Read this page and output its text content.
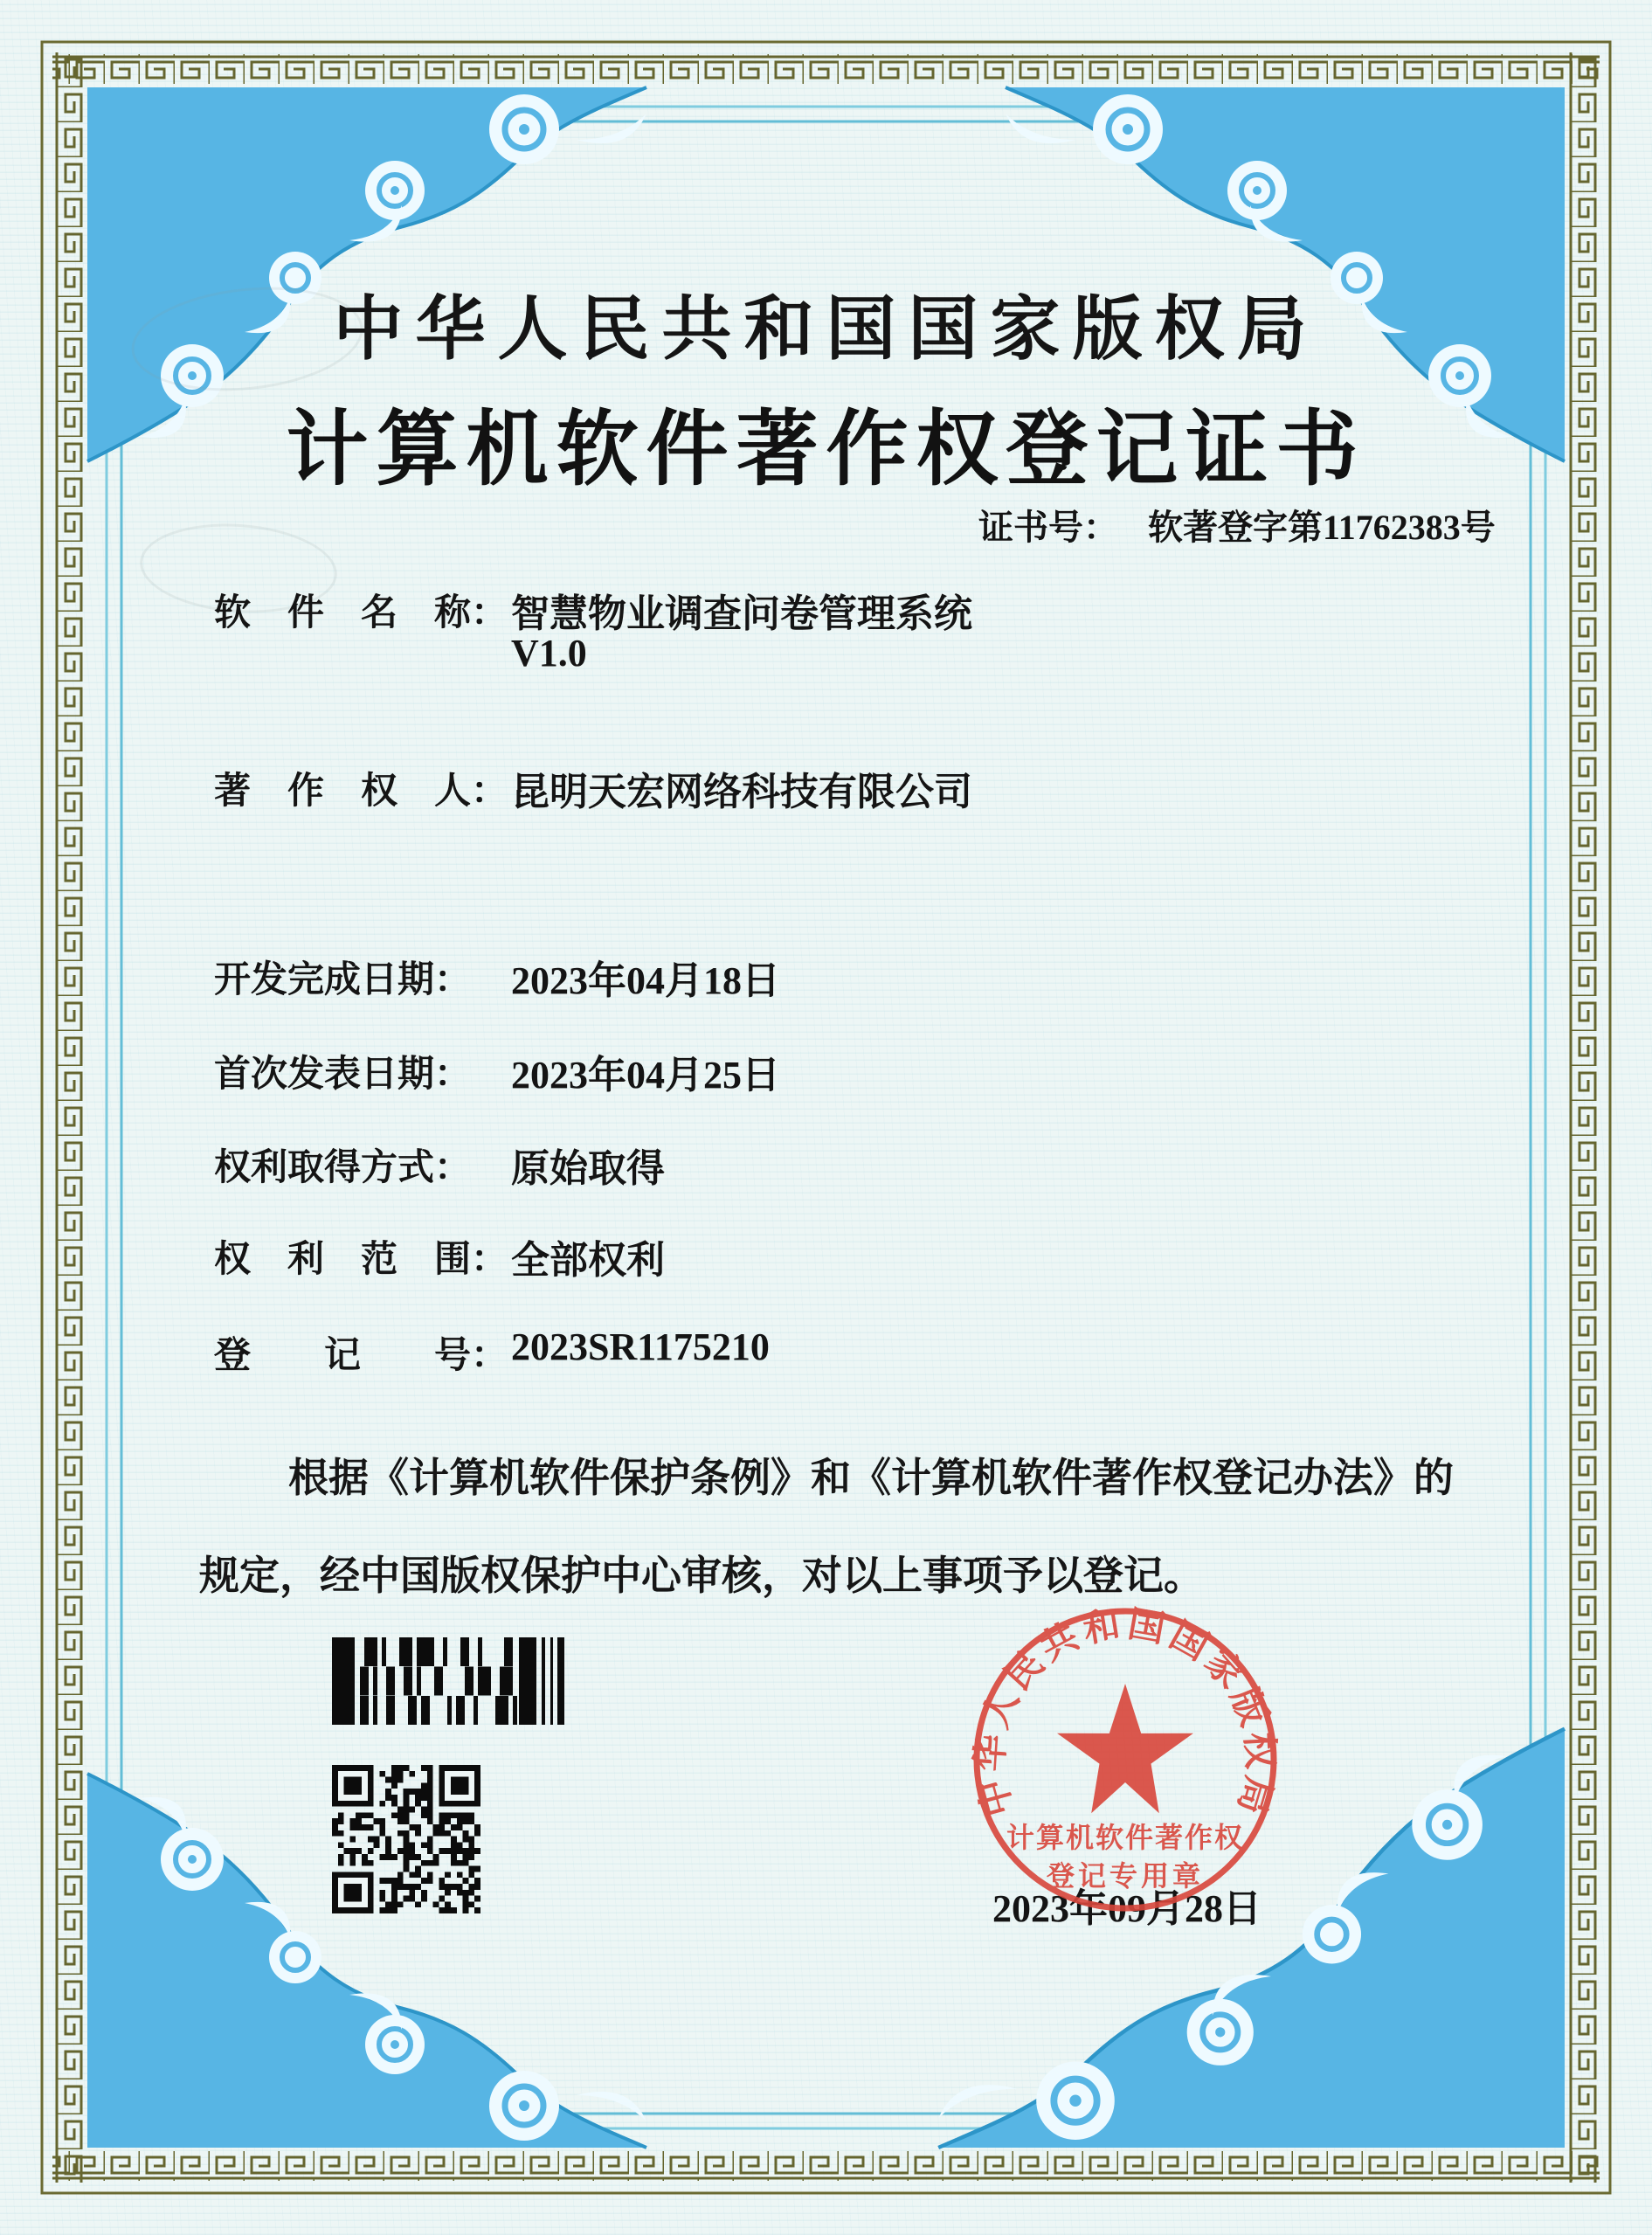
中华人民共和国国家版权局
计算机软件著作权登记证书
证书号： 软著登字第11762383号
软　件　名　称： 智慧物业调查问卷管理系统
V1.0
著　作　权　人： 昆明天宏网络科技有限公司
开发完成日期： 2023年04月18日
首次发表日期： 2023年04月25日
权利取得方式： 原始取得
权　利　范　围： 全部权利
登　　记　　号： 2023SR1175210
根据《计算机软件保护条例》和《计算机软件著作权登记办法》的
规定，经中国版权保护中心审核，对以上事项予以登记。
中华人民共和国国家版权局
计算机软件著作权
登记专用章
2023年09月28日
